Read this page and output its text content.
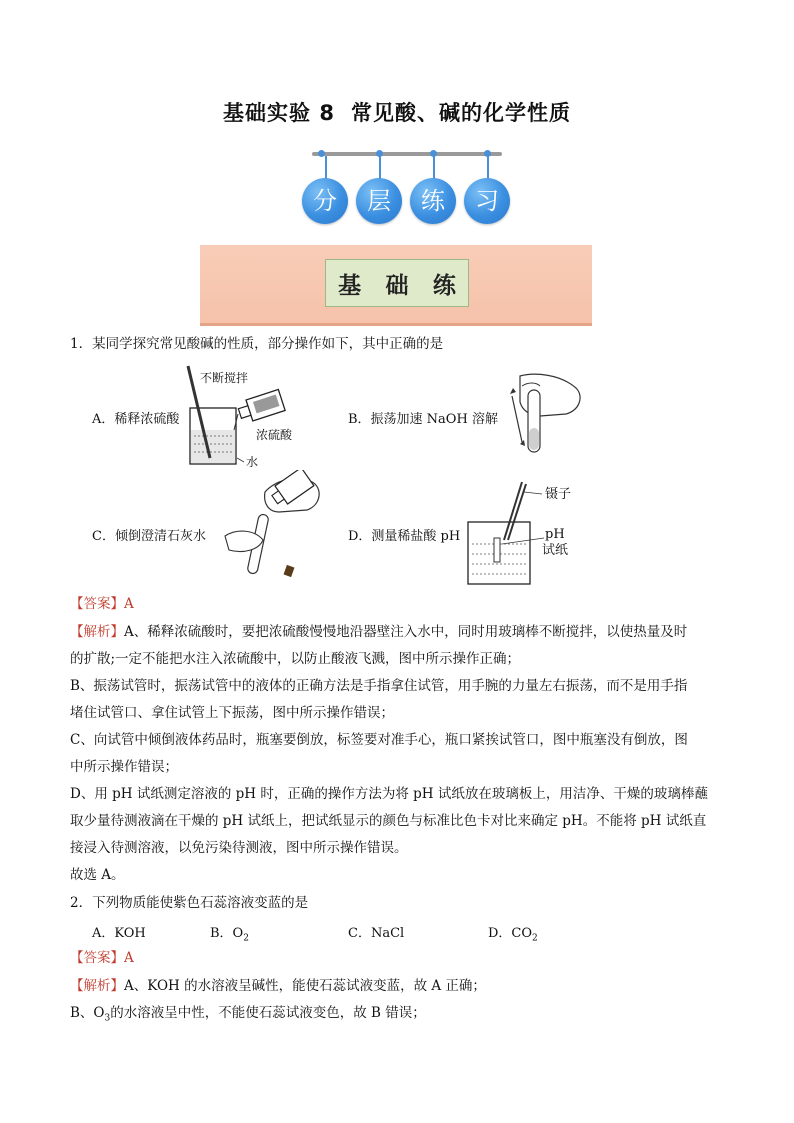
基础实验 8 常见酸、碱的化学性质
分	层	练	习
基 础 练
1．某同学探究常见酸碱的性质，部分操作如下，其中正确的是
A．稀释浓硫酸
不断搅拌
浓硫酸
水
B．振荡加速 NaOH 溶解
C．倾倒澄清石灰水	D．测量稀盐酸 pH
镊子
pH
试纸
【答案】A
【解析】A、稀释浓硫酸时，要把浓硫酸慢慢地沿器壁注入水中，同时用玻璃棒不断搅拌，以使热量及时
的扩散;一定不能把水注入浓硫酸中，以防止酸液飞溅，图中所示操作正确；
B、振荡试管时，振荡试管中的液体的正确方法是手指拿住试管，用手腕的力量左右振荡，而不是用手指
堵住试管口、拿住试管上下振荡，图中所示操作错误；
C、向试管中倾倒液体药品时，瓶塞要倒放，标签要对准手心，瓶口紧挨试管口，图中瓶塞没有倒放，图
中所示操作错误；
D、用 pH 试纸测定溶液的 pH 时，正确的操作方法为将 pH 试纸放在玻璃板上，用洁净、干燥的玻璃棒蘸
取少量待测液滴在干燥的 pH 试纸上，把试纸显示的颜色与标准比色卡对比来确定 pH。不能将 pH 试纸直
接浸入待测溶液，以免污染待测液，图中所示操作错误。
故选 A。
2．下列物质能使紫色石蕊溶液变蓝的是
A．KOH	B．$O_2$	C．NaCl	D．$CO_2$
【答案】A
【解析】A、KOH 的水溶液呈碱性，能使石蕊试液变蓝，故 A 正确；
B、$O_3$的水溶液呈中性，不能使石蕊试液变色，故 B 错误；
